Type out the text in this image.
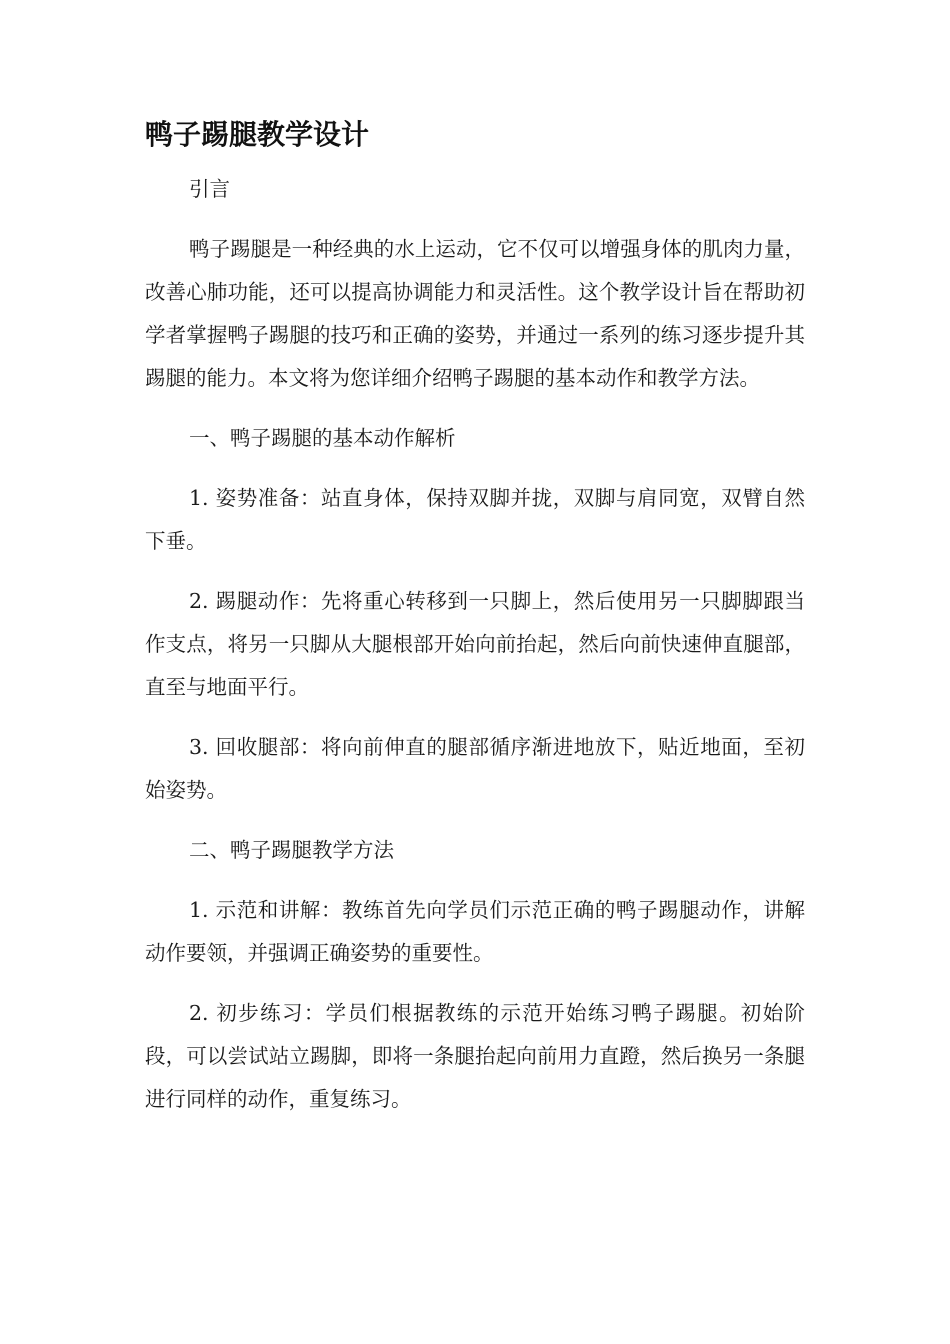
鸭子踢腿教学设计

引言

鸭子踢腿是一种经典的水上运动，它不仅可以增强身体的肌肉力量，改善心肺功能，还可以提高协调能力和灵活性。这个教学设计旨在帮助初学者掌握鸭子踢腿的技巧和正确的姿势，并通过一系列的练习逐步提升其踢腿的能力。本文将为您详细介绍鸭子踢腿的基本动作和教学方法。

一、鸭子踢腿的基本动作解析

1. 姿势准备：站直身体，保持双脚并拢，双脚与肩同宽，双臂自然下垂。

2. 踢腿动作：先将重心转移到一只脚上，然后使用另一只脚脚跟当作支点，将另一只脚从大腿根部开始向前抬起，然后向前快速伸直腿部，直至与地面平行。

3. 回收腿部：将向前伸直的腿部循序渐进地放下，贴近地面，至初始姿势。

二、鸭子踢腿教学方法

1. 示范和讲解：教练首先向学员们示范正确的鸭子踢腿动作，讲解动作要领，并强调正确姿势的重要性。

2. 初步练习：学员们根据教练的示范开始练习鸭子踢腿。初始阶段，可以尝试站立踢脚，即将一条腿抬起向前用力直蹬，然后换另一条腿进行同样的动作，重复练习。
